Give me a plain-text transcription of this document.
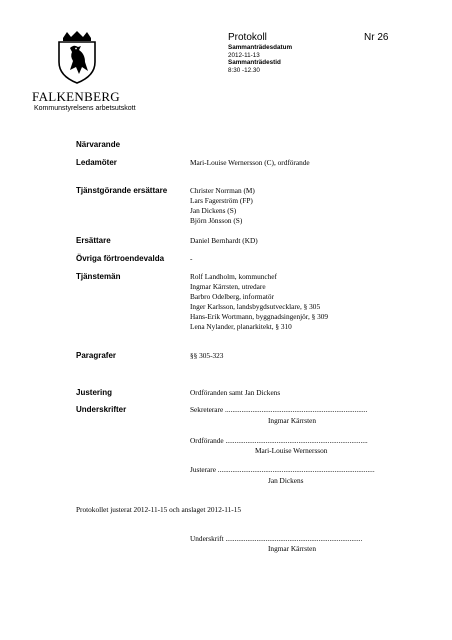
FALKENBERG
Kommunstyrelsens arbetsutskott
Protokoll	Nr 26
Sammanträdesdatum
2012-11-13
Sammanträdestid
8:30 -12.30
Närvarande
Ledamöter	Mari-Louise Wernersson (C), ordförande
Tjänstgörande ersättare	Christer Norrman (M)
Lars Fagerström (FP)
Jan Dickens (S)
Björn Jönsson (S)
Ersättare	Daniel Bernhardt (KD)
Övriga förtroendevalda	-
Tjänstemän	Rolf Landholm, kommunchef
Ingmar Kärrsten, utredare
Barbro Odelberg, informatör
Inger Karlsson, landsbygdsutvecklare, § 305
Hans-Erik Wortmann, byggnadsingenjör, § 309
Lena Nylander, planarkitekt, § 310
Paragrafer	§§ 305-323
Justering	Ordföranden samt Jan Dickens
Underskrifter	Sekreterare ..............................................................................
Ingmar Kärrsten
Ordförande ..............................................................................
Mari-Louise Wernersson
Justerare ......................................................................................
Jan Dickens
Protokollet justerat 2012-11-15 och anslaget 2012-11-15
Underskrift ...........................................................................
Ingmar Kärrsten
